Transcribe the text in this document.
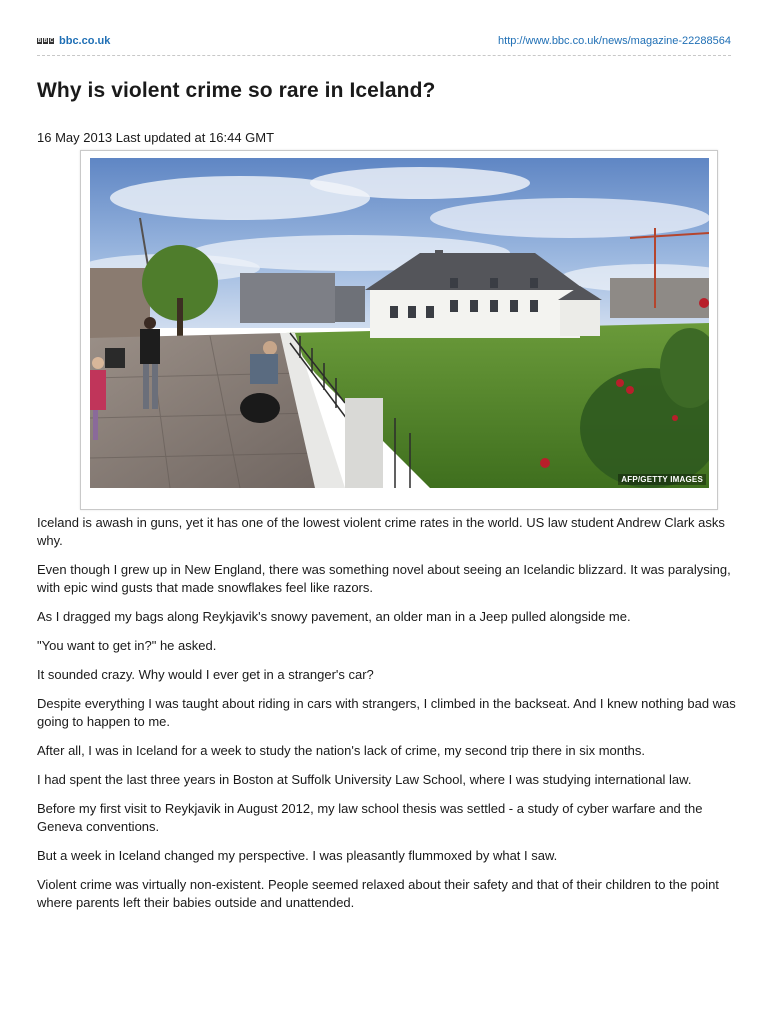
B B C bbc.co.uk	http://www.bbc.co.uk/news/magazine-22288564
Why is violent crime so rare in Iceland?
16 May 2013 Last updated at 16:44 GMT
AFP/GETTY IMAGES

Iceland is awash in guns, yet it has one of the lowest violent crime rates in the world. US law student Andrew Clark asks why.

Even though I grew up in New England, there was something novel about seeing an Icelandic blizzard. It was paralysing, with epic wind gusts that made snowflakes feel like razors.

As I dragged my bags along Reykjavik's snowy pavement, an older man in a Jeep pulled alongside me.

"You want to get in?" he asked.

It sounded crazy. Why would I ever get in a stranger's car?

Despite everything I was taught about riding in cars with strangers, I climbed in the backseat. And I knew nothing bad was going to happen to me.

After all, I was in Iceland for a week to study the nation's lack of crime, my second trip there in six months.

I had spent the last three years in Boston at Suffolk University Law School, where I was studying international law.

Before my first visit to Reykjavik in August 2012, my law school thesis was settled - a study of cyber warfare and the Geneva conventions.

But a week in Iceland changed my perspective. I was pleasantly flummoxed by what I saw.

Violent crime was virtually non-existent. People seemed relaxed about their safety and that of their children to the point where parents left their babies outside and unattended.
